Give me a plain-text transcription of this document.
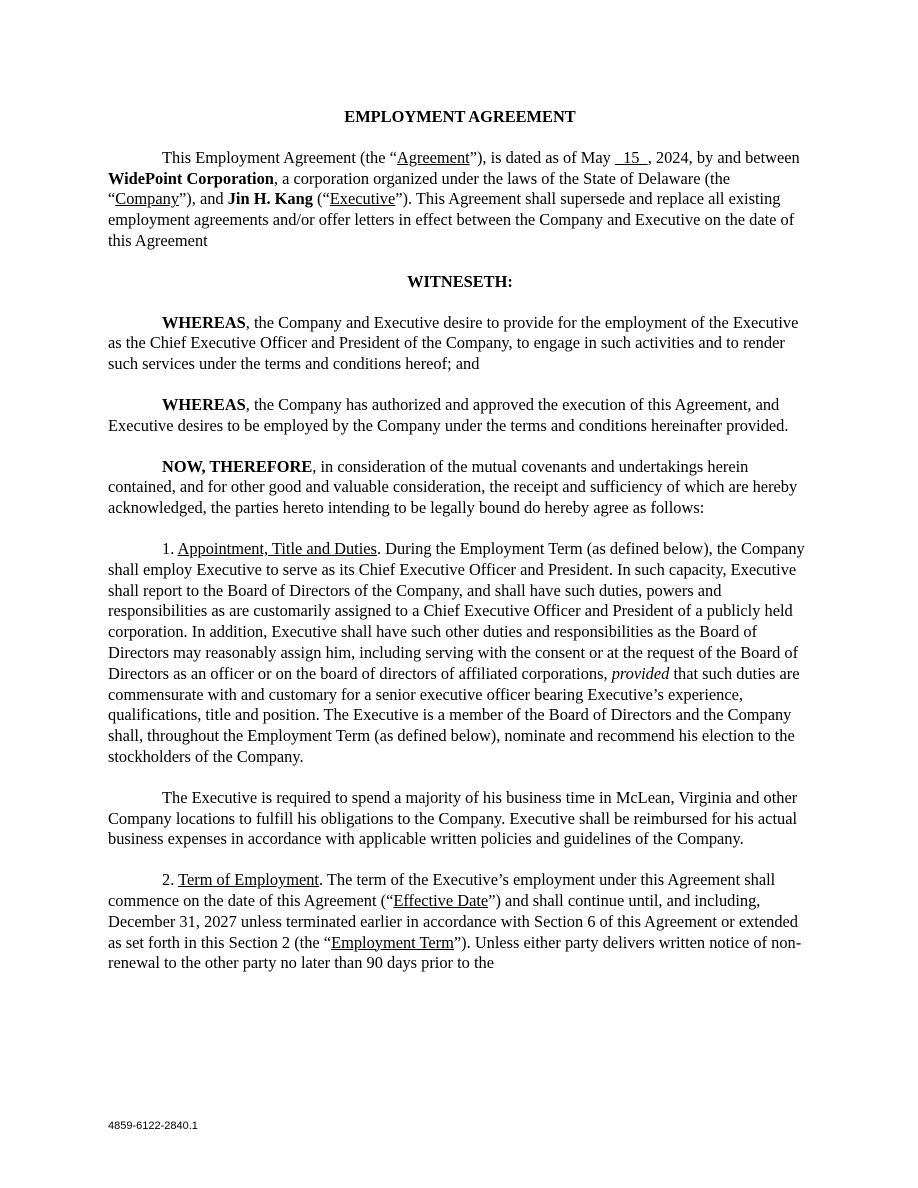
EMPLOYMENT AGREEMENT

This Employment Agreement (the “Agreement”), is dated as of May   15  , 2024, by and between WidePoint Corporation, a corporation organized under the laws of the State of Delaware (the “Company”), and Jin H. Kang (“Executive”). This Agreement shall supersede and replace all existing employment agreements and/or offer letters in effect between the Company and Executive on the date of this Agreement

WITNESETH:

WHEREAS, the Company and Executive desire to provide for the employment of the Executive as the Chief Executive Officer and President of the Company, to engage in such activities and to render such services under the terms and conditions hereof; and

WHEREAS, the Company has authorized and approved the execution of this Agreement, and Executive desires to be employed by the Company under the terms and conditions hereinafter provided.

NOW, THEREFORE, in consideration of the mutual covenants and undertakings herein contained, and for other good and valuable consideration, the receipt and sufficiency of which are hereby acknowledged, the parties hereto intending to be legally bound do hereby agree as follows:

1. Appointment, Title and Duties. During the Employment Term (as defined below), the Company shall employ Executive to serve as its Chief Executive Officer and President. In such capacity, Executive shall report to the Board of Directors of the Company, and shall have such duties, powers and responsibilities as are customarily assigned to a Chief Executive Officer and President of a publicly held corporation. In addition, Executive shall have such other duties and responsibilities as the Board of Directors may reasonably assign him, including serving with the consent or at the request of the Board of Directors as an officer or on the board of directors of affiliated corporations, provided that such duties are commensurate with and customary for a senior executive officer bearing Executive’s experience, qualifications, title and position. The Executive is a member of the Board of Directors and the Company shall, throughout the Employment Term (as defined below), nominate and recommend his election to the stockholders of the Company.

The Executive is required to spend a majority of his business time in McLean, Virginia and other Company locations to fulfill his obligations to the Company. Executive shall be reimbursed for his actual business expenses in accordance with applicable written policies and guidelines of the Company.

2. Term of Employment. The term of the Executive’s employment under this Agreement shall commence on the date of this Agreement (“Effective Date”) and shall continue until, and including, December 31, 2027 unless terminated earlier in accordance with Section 6 of this Agreement or extended as set forth in this Section 2 (the “Employment Term”). Unless either party delivers written notice of non-renewal to the other party no later than 90 days prior to the

4859-6122-2840.1
